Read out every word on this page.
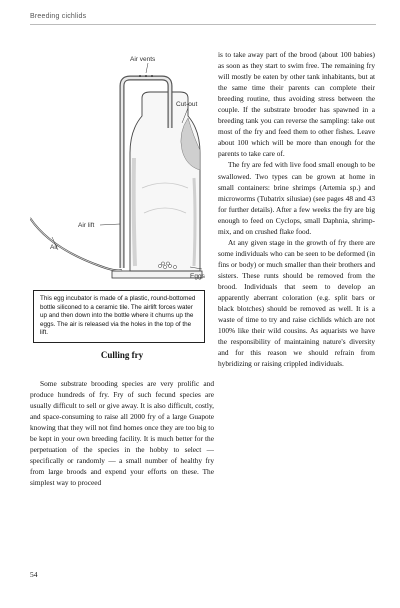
Breeding cichlids
Air vents
Cut-out
Air lift
Air
Eggs
This egg incubator is made of a plastic, round-bottomed bottle siliconed to a ceramic tile. The airlift forces water up and then down into the bottle where it churns up the eggs. The air is released via the holes in the top of the lift.
Culling fry

Some substrate brooding species are very prolific and produce hundreds of fry. Fry of such fecund species are usually difficult to sell or give away. It is also difficult, costly, and space-consuming to raise all 2000 fry of a large Guapote knowing that they will not find homes once they are too big to be kept in your own breeding facility. It is much better for the perpetuation of the species in the hobby to select — specifically or randomly — a small number of healthy fry from large broods and expend your efforts on these. The simplest way to proceed

is to take away part of the brood (about 100 babies) as soon as they start to swim free. The remaining fry will mostly be eaten by other tank inhabitants, but at the same time their parents can complete their breeding routine, thus avoiding stress between the couple. If the substrate brooder has spawned in a breeding tank you can reverse the sampling: take out most of the fry and feed them to other fishes. Leave about 100 which will be more than enough for the parents to take care of.

The fry are fed with live food small enough to be swallowed. Two types can be grown at home in small containers: brine shrimps (Artemia sp.) and microworms (Tubatrix silusiae) (see pages 48 and 43 for further details). After a few weeks the fry are big enough to feed on Cyclops, small Daphnia, shrimp-mix, and on crushed flake food.

At any given stage in the growth of fry there are some individuals who can be seen to be deformed (in fins or body) or much smaller than their brothers and sisters. These runts should be removed from the brood. Individuals that seem to develop an apparently aberrant coloration (e.g. split bars or black blotches) should be removed as well. It is a waste of time to try and raise cichlids which are not 100% like their wild cousins. As aquarists we have the responsibility of maintaining nature's diversity and for this reason we should refrain from hybridizing or raising crippled individuals.

54
